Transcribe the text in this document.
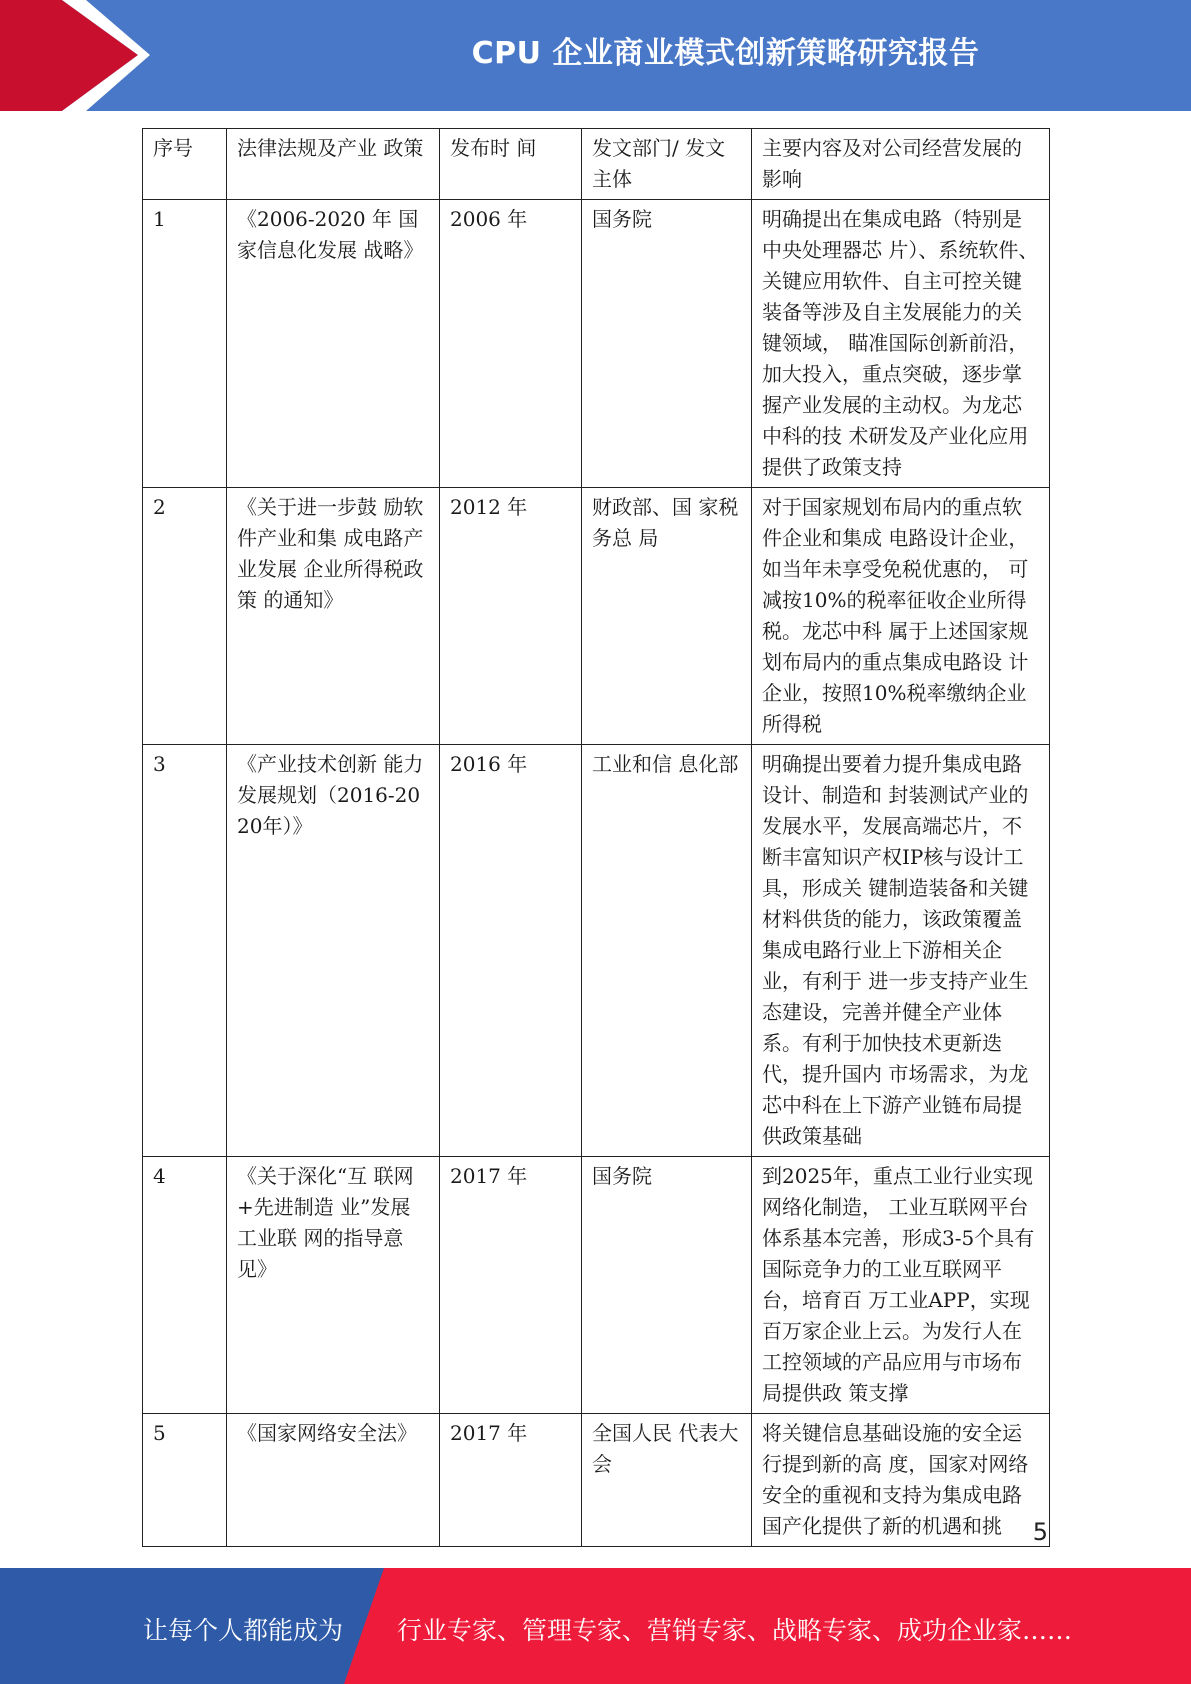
CPU 企业商业模式创新策略研究报告
序号	法律法规及产业 政策	发布时 间	发文部门/ 发文主体	主要内容及对公司经营发展的影响
1	《2006-2020 年 国家信息化发展 战略》	2006 年	国务院	明确提出在集成电路（特别是中央处理器芯 片）、系统软件、关键应用软件、自主可控关键装备等涉及自主发展能力的关键领域， 瞄准国际创新前沿，加大投入，重点突破，逐步掌握产业发展的主动权。为龙芯中科的技 术研发及产业化应用提供了政策支持
2	《关于进一步鼓 励软件产业和集 成电路产业发展 企业所得税政策 的通知》	2012 年	财政部、国 家税务总 局	对于国家规划布局内的重点软件企业和集成 电路设计企业，如当年未享受免税优惠的， 可减按10%的税率征收企业所得税。龙芯中科 属于上述国家规划布局内的重点集成电路设 计企业，按照10%税率缴纳企业所得税
3	《产业技术创新 能力发展规划（2016-2020年）》	2016 年	工业和信 息化部	明确提出要着力提升集成电路设计、制造和 封装测试产业的发展水平，发展高端芯片，不断丰富知识产权IP核与设计工具，形成关 键制造装备和关键材料供货的能力，该政策覆盖集成电路行业上下游相关企业，有利于 进一步支持产业生态建设，完善并健全产业体系。有利于加快技术更新迭代，提升国内 市场需求，为龙芯中科在上下游产业链布局提 供政策基础
4	《关于深化“互 联网+先进制造 业”发展工业联 网的指导意见》	2017 年	国务院	到2025年，重点工业行业实现网络化制造， 工业互联网平台体系基本完善，形成3-5个具有国际竞争力的工业互联网平台，培育百 万工业APP，实现百万家企业上云。为发行人在工控领域的产品应用与市场布局提供政 策支撑
5	《国家网络安全法》	2017 年	全国人民 代表大会	将关键信息基础设施的安全运行提到新的高 度，国家对网络安全的重视和支持为集成电路国产化提供了新的机遇和挑 5
让每个人都能成为 行业专家、管理专家、营销专家、战略专家、成功企业家……
